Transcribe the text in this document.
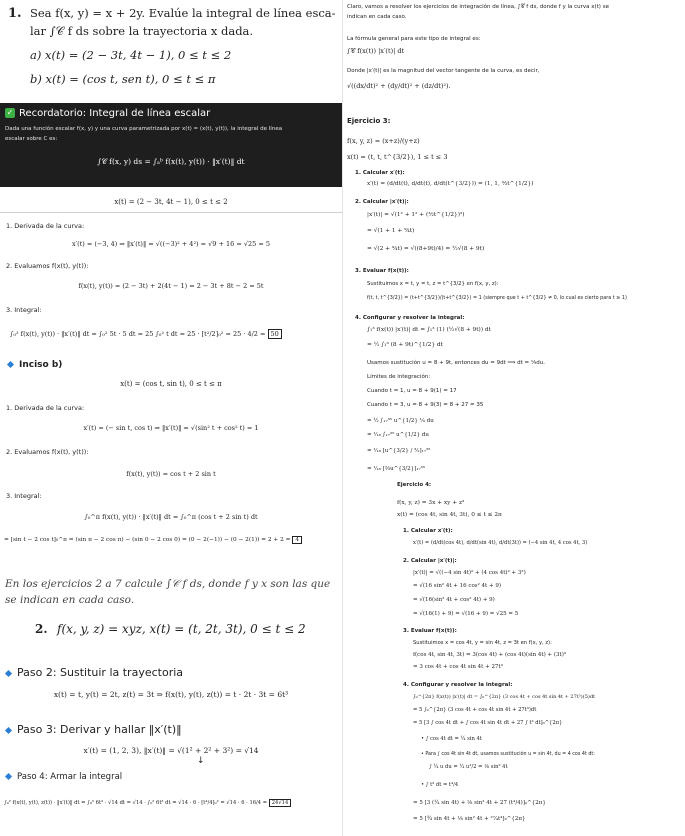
1. Sea f(x, y) = x + 2y. Evalúe la integral de línea esca-
lar ∫𝒞 f ds sobre la trayectoria x dada.
a) x(t) = (2 − 3t, 4t − 1), 0 ≤ t ≤ 2
b) x(t) = (cos t, sen t), 0 ≤ t ≤ π
✓ Recordatorio: Integral de línea escalar
Dada una función escalar f(x, y) y una curva parametrizada por x(t) = (x(t), y(t)), la integral de línea
escalar sobre C es:
∫𝒞 f(x, y) ds = ∫ₐᵇ f(x(t), y(t)) · ‖x′(t)‖ dt
x(t) = (2 − 3t, 4t − 1), 0 ≤ t ≤ 2
1. Derivada de la curva:
x′(t) = (−3, 4) ⇒ ‖x′(t)‖ = √((−3)² + 4²) = √9 + 16 = √25 = 5
2. Evaluamos f(x(t), y(t)):
f(x(t), y(t)) = (2 − 3t) + 2(4t − 1) = 2 − 3t + 8t − 2 = 5t
3. Integral:
∫₀² f(x(t), y(t)) · ‖x′(t)‖ dt = ∫₀² 5t · 5 dt = 25 ∫₀² t dt = 25 · [t²/2]₀² = 25 · 4/2 = 50
Inciso b)
x(t) = (cos t, sin t), 0 ≤ t ≤ π
1. Derivada de la curva:
x′(t) = (− sin t, cos t) ⇒ ‖x′(t)‖ = √(sin² t + cos² t) = 1
2. Evaluamos f(x(t), y(t)):
f(x(t), y(t)) = cos t + 2 sin t
3. Integral:
∫₀^π f(x(t), y(t)) · ‖x′(t)‖ dt = ∫₀^π (cos t + 2 sin t) dt
= [sin t − 2 cos t]₀^π = (sin π − 2 cos π) − (sin 0 − 2 cos 0) = (0 − 2(−1)) − (0 − 2(1)) = 2 + 2 = 4
En los ejercicios 2 a 7 calcule ∫𝒞 f ds, donde f y x son las que
se indican en cada caso.
2. f(x, y, z) = xyz, x(t) = (t, 2t, 3t), 0 ≤ t ≤ 2
Paso 2: Sustituir la trayectoria
x(t) = t, y(t) = 2t, z(t) = 3t ⇒ f(x(t), y(t), z(t)) = t · 2t · 3t = 6t³
Paso 3: Derivar y hallar ‖x′(t)‖
x′(t) = (1, 2, 3), ‖x′(t)‖ = √(1² + 2² + 3²) = √14
↓
Paso 4: Armar la integral
∫₀² f(x(t), y(t), z(t)) · ‖x′(t)‖ dt = ∫₀² 6t³ · √14 dt = √14 · ∫₀² 6t³ dt = √14 · 6 · [t⁴/4]₀² = √14 · 6 · 16/4 = 24√14
Claro, vamos a resolver los ejercicios de integración de línea, ∫𝒞 f ds, donde f y la curva x(t) se
indican en cada caso.
La fórmula general para este tipo de integral es:
∫𝒞 f(x(t)) |x′(t)| dt
Donde |x′(t)| es la magnitud del vector tangente de la curva, es decir,
√((dx/dt)² + (dy/dt)² + (dz/dt)²).
Ejercicio 3:
f(x, y, z) = (x+z)/(y+z)
x(t) = (t, t, t^{3/2}), 1 ≤ t ≤ 3
1. Calcular x′(t):
x′(t) = (d/dt(t), d/dt(t), d/dt(t^{3/2})) = (1, 1, ³⁄₂t^{1/2})
2. Calcular |x′(t)|:
|x′(t)| = √(1² + 1² + (³⁄₂t^{1/2})²)
= √(1 + 1 + ⁹⁄₄t)
= √(2 + ⁹⁄₄t) = √((8+9t)/4) = ½√(8 + 9t)
3. Evaluar f(x(t)):
Sustituimos x = t, y = t, z = t^{3/2} en f(x, y, z):
f(t, t, t^{3/2}) = (t+t^{3/2})/(t+t^{3/2}) = 1 (siempre que t + t^{3/2} ≠ 0, lo cual es cierto para t ≥ 1)
4. Configurar y resolver la integral:
∫₁³ f(x(t)) |x′(t)| dt = ∫₁³ (1) (½√(8 + 9t)) dt
= ½ ∫₁³ (8 + 9t)^{1/2} dt
Usamos sustitución u = 8 + 9t, entonces du = 9dt ⟹ dt = ¹⁄₉du.
Límites de integración:
Cuando t = 1, u = 8 + 9(1) = 17
Cuando t = 3, u = 8 + 9(3) = 8 + 27 = 35
= ½ ∫₁₇³⁵ u^{1/2} ¹⁄₉ du
= ¹⁄₁₈ ∫₁₇³⁵ u^{1/2} du
= ¹⁄₁₈ [u^{3/2} / ³⁄₂]₁₇³⁵
= ¹⁄₁₈ [⅔u^{3/2}]₁₇³⁵
Ejercicio 4:
f(x, y, z) = 3x + xy + z³
x(t) = (cos 4t, sin 4t, 3t), 0 ≤ t ≤ 2π
1. Calcular x′(t):
x′(t) = (d/dt(cos 4t), d/dt(sin 4t), d/dt(3t)) = (−4 sin 4t, 4 cos 4t, 3)
2. Calcular |x′(t)|:
|x′(t)| = √((−4 sin 4t)² + (4 cos 4t)² + 3²)
= √(16 sin² 4t + 16 cos² 4t + 9)
= √(16(sin² 4t + cos² 4t) + 9)
= √(16(1) + 9) = √(16 + 9) = √25 = 5
3. Evaluar f(x(t)):
Sustituimos x = cos 4t, y = sin 4t, z = 3t en f(x, y, z):
f(cos 4t, sin 4t, 3t) = 3(cos 4t) + (cos 4t)(sin 4t) + (3t)³
= 3 cos 4t + cos 4t sin 4t + 27t³
4. Configurar y resolver la integral:
∫₀^{2π} f(x(t)) |x′(t)| dt = ∫₀^{2π} (3 cos 4t + cos 4t sin 4t + 27t³)(5)dt
= 5 ∫₀^{2π} (3 cos 4t + cos 4t sin 4t + 27t³)dt
= 5 [3 ∫ cos 4t dt + ∫ cos 4t sin 4t dt + 27 ∫ t³ dt]₀^{2π}
• ∫ cos 4t dt = ¼ sin 4t
• Para ∫ cos 4t sin 4t dt, usamos sustitución u = sin 4t, du = 4 cos 4t dt:
∫ ¼ u du = ¼ u²/2 = ⅛ sin² 4t
• ∫ t³ dt = t⁴/4
= 5 [3 (¼ sin 4t) + ⅛ sin² 4t + 27 (t⁴/4)]₀^{2π}
= 5 [¾ sin 4t + ⅛ sin² 4t + ²⁷⁄₄t⁴]₀^{2π}
